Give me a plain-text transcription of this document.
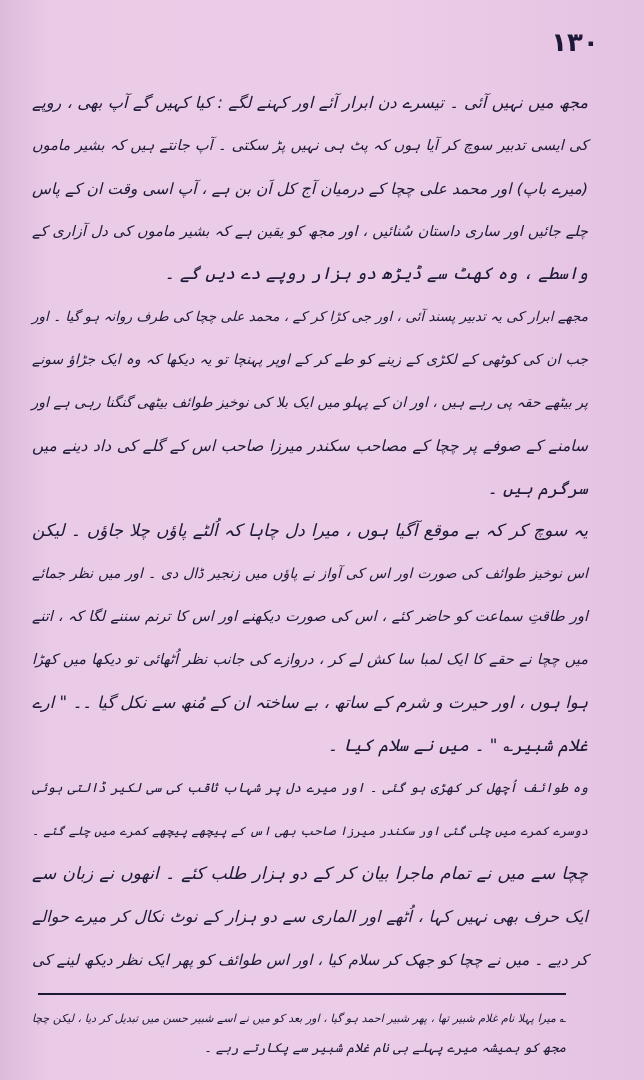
۱۳۰
مجھ میں نہیں آئی ۔ تیسرے دن ابرار آئے اور کہنے لگے : کیا کہیں گے آپ بھی ، روپے
کی ایسی تدبیر سوچ کر آیا ہوں کہ پٹ ہی نہیں پڑ سکتی ۔ آپ جانتے ہیں کہ بشیر ماموں
(میرے باپ) اور محمد علی چچا کے درمیان آج کل اَن بن ہے ، آپ اسی وقت ان کے پاس
چلے جائیں اور ساری داستان سُنائیں ، اور مجھ کو یقین ہے کہ بشیر ماموں کی دل آزاری کے
واسطے ، وہ کھٹ سے ڈیڑھ دو ہزار روپے دے دیں گے ۔
مجھے ابرار کی یہ تدبیر پسند آئی ، اور جی کڑا کر کے ، محمد علی چچا کی طرف روانہ ہو گیا ۔ اور
جب ان کی کوٹھی کے لکڑی کے زینے کو طے کر کے اوپر پہنچا تو یہ دیکھا کہ وہ ایک جڑاؤ سونے
پر بیٹھے حقہ پی رہے ہیں ، اور ان کے پہلو میں ایک بلا کی نوخیز طوائف بیٹھی گنگنا رہی ہے اور
سامنے کے صوفے پر چچا کے مصاحب سکندر میرزا صاحب اس کے گلے کی داد دینے میں
سرگرم ہیں ۔
یہ سوچ کر کہ بے موقع آگیا ہوں ، میرا دل چاہا کہ اُلٹے پاؤں چلا جاؤں ۔ لیکن
اس نوخیز طوائف کی صورت اور اس کی آواز نے پاؤں میں زنجیر ڈال دی ۔ اور میں نظر جمائے
اور طاقتِ سماعت کو حاضر کئے ، اس کی صورت دیکھنے اور اس کا ترنم سننے لگا کہ ، اتنے
میں چچا نے حقے کا ایک لمبا سا کش لے کر ، دروازے کی جانب نظر اُٹھائی تو دیکھا میں کھڑا
ہوا ہوں ، اور حیرت و شرم کے ساتھ ، بے ساختہ ان کے مُنھ سے نکل گیا ۔۔ " ارے
غلام شبیر؎ " ۔ میں نے سلام کیا ۔
وہ طوائف اُچھل کر کھڑی ہو گئی ۔ اور میرے دل پر شہاب ثاقب کی سی لکیر ڈالتی ہوئی
دوسرے کمرے میں چلی گئی اور سکندر میرزا صاحب بھی اس کے پیچھے پیچھے کمرے میں چلے گئے ۔
چچا سے میں نے تمام ماجرا بیان کر کے دو ہزار طلب کئے ۔ انھوں نے زبان سے
ایک حرف بھی نہیں کہا ، اُٹھے اور الماری سے دو ہزار کے نوٹ نکال کر میرے حوالے
کر دیے ۔ میں نے چچا کو جھک کر سلام کیا ، اور اس طوائف کو پھر ایک نظر دیکھ لینے کی
؎ میرا پہلا نام غلام شبیر تھا ، پھر شبیر احمد ہو گیا ، اور بعد کو میں نے اسے شبیر حسن میں تبدیل کر دیا ، لیکن چچا
مجھ کو ہمیشہ میرے پہلے ہی نام غلام شبیر سے پکارتے رہے ۔
